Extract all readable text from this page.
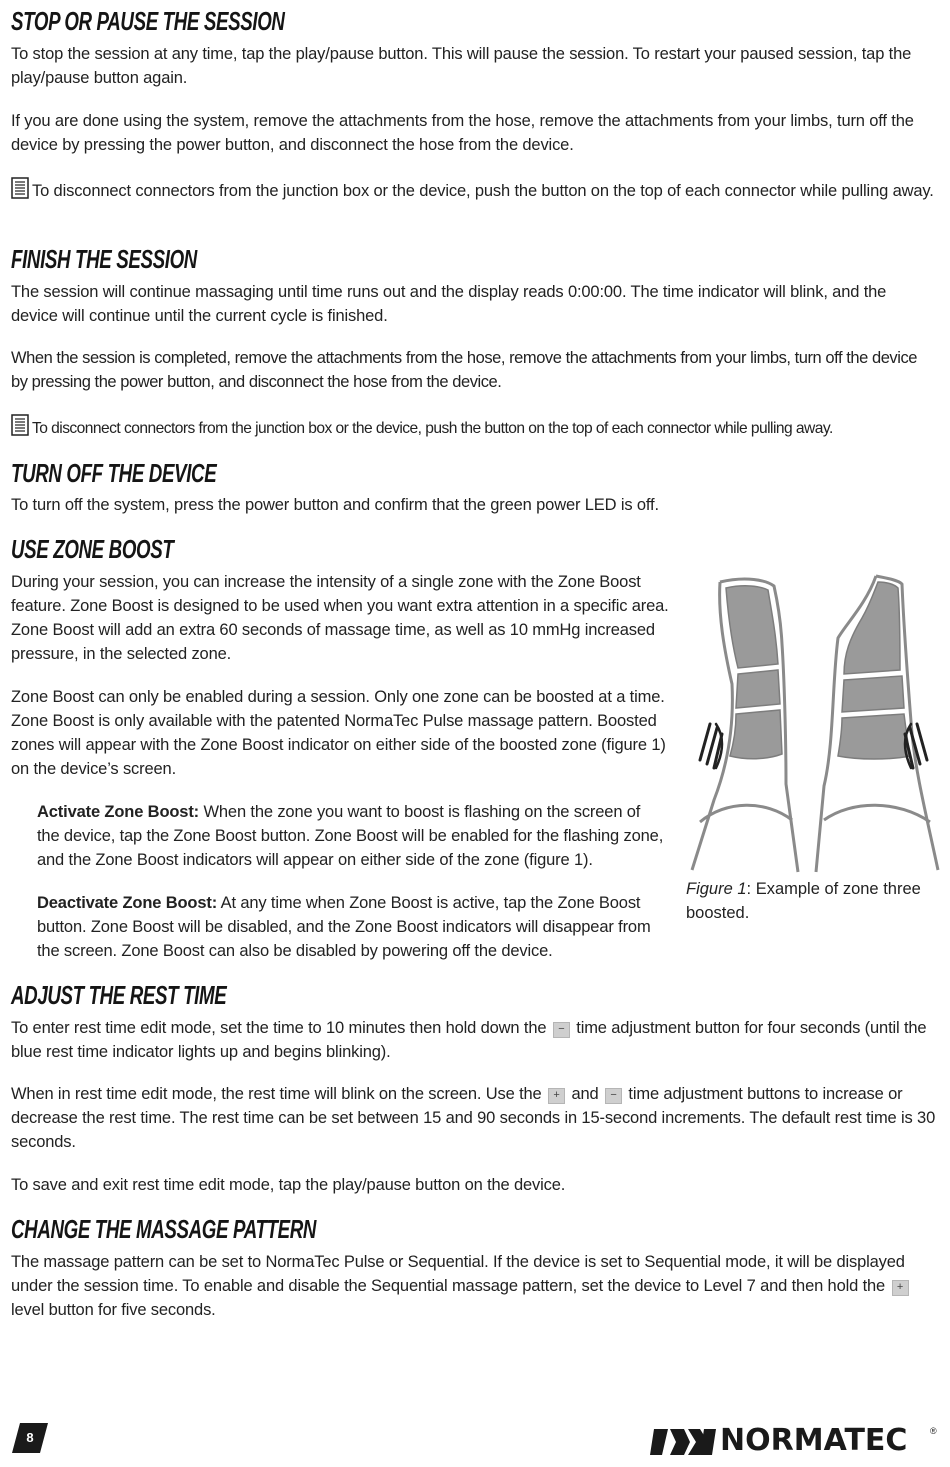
STOP OR PAUSE THE SESSION
To stop the session at any time, tap the play/pause button. This will pause the session. To restart your paused session, tap the play/pause button again.
If you are done using the system, remove the attachments from the hose, remove the attachments from your limbs, turn off the device by pressing the power button, and disconnect the hose from the device.
To disconnect connectors from the junction box or the device, push the button on the top of each connector while pulling away.
FINISH THE SESSION
The session will continue massaging until time runs out and the display reads 0:00:00. The time indicator will blink, and the device will continue until the current cycle is finished.
When the session is completed, remove the attachments from the hose, remove the attachments from your limbs, turn off the device by pressing the power button, and disconnect the hose from the device.
To disconnect connectors from the junction box or the device, push the button on the top of each connector while pulling away.
TURN OFF THE DEVICE
To turn off the system, press the power button and confirm that the green power LED is off.
USE ZONE BOOST
During your session, you can increase the intensity of a single zone with the Zone Boost feature. Zone Boost is designed to be used when you want extra attention in a specific area. Zone Boost will add an extra 60 seconds of massage time, as well as 10 mmHg increased pressure, in the selected zone.
Zone Boost can only be enabled during a session. Only one zone can be boosted at a time. Zone Boost is only available with the patented NormaTec Pulse massage pattern. Boosted zones will appear with the Zone Boost indicator on either side of the boosted zone (figure 1) on the device’s screen.
Activate Zone Boost: When the zone you want to boost is flashing on the screen of the device, tap the Zone Boost button. Zone Boost will be enabled for the flashing zone, and the Zone Boost indicators will appear on either side of the zone (figure 1).
Deactivate Zone Boost: At any time when Zone Boost is active, tap the Zone Boost button. Zone Boost will be disabled, and the Zone Boost indicators will disappear from the screen. Zone Boost can also be disabled by powering off the device.
ADJUST THE REST TIME
To enter rest time edit mode, set the time to 10 minutes then hold down the − time adjustment button for four seconds (until the blue rest time indicator lights up and begins blinking).
When in rest time edit mode, the rest time will blink on the screen. Use the + and − time adjustment buttons to increase or decrease the rest time. The rest time can be set between 15 and 90 seconds in 15-second increments. The default rest time is 30 seconds.
To save and exit rest time edit mode, tap the play/pause button on the device.
CHANGE THE MASSAGE PATTERN
The massage pattern can be set to NormaTec Pulse or Sequential. If the device is set to Sequential mode, it will be displayed under the session time. To enable and disable the Sequential massage pattern, set the device to Level 7 and then hold the + level button for five seconds.
Figure 1: Example of zone three boosted.
8	NORMATEC	®
